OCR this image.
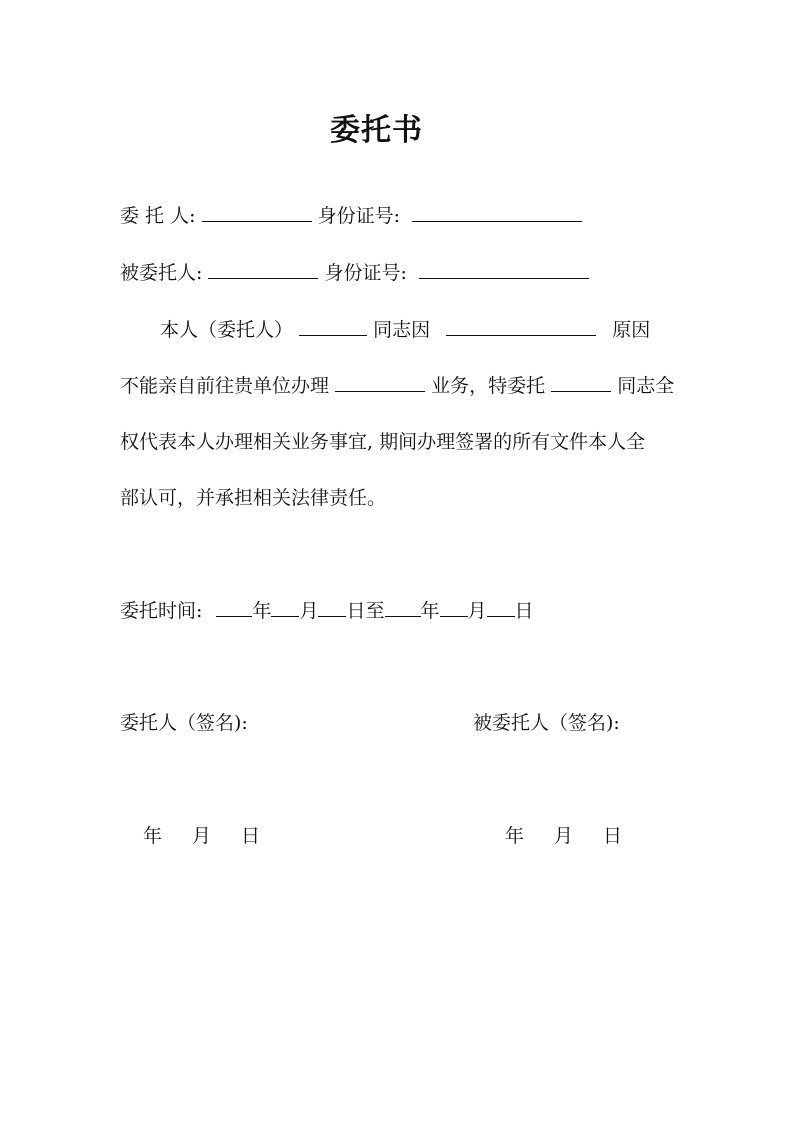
委托书
委 托 人:	身份证号:
被委托人:	身份证号:
本人（委托人）	同志因	原因
不能亲自前往贵单位办理	业务，特委托	同志全
权代表本人办理相关业务事宜, 期间办理签署的所有文件本人全
部认可，并承担相关法律责任。
委托时间:	年 月 日至 年 月 日
委托人（签名):	被委托人（签名):
年 月 日	年 月 日
